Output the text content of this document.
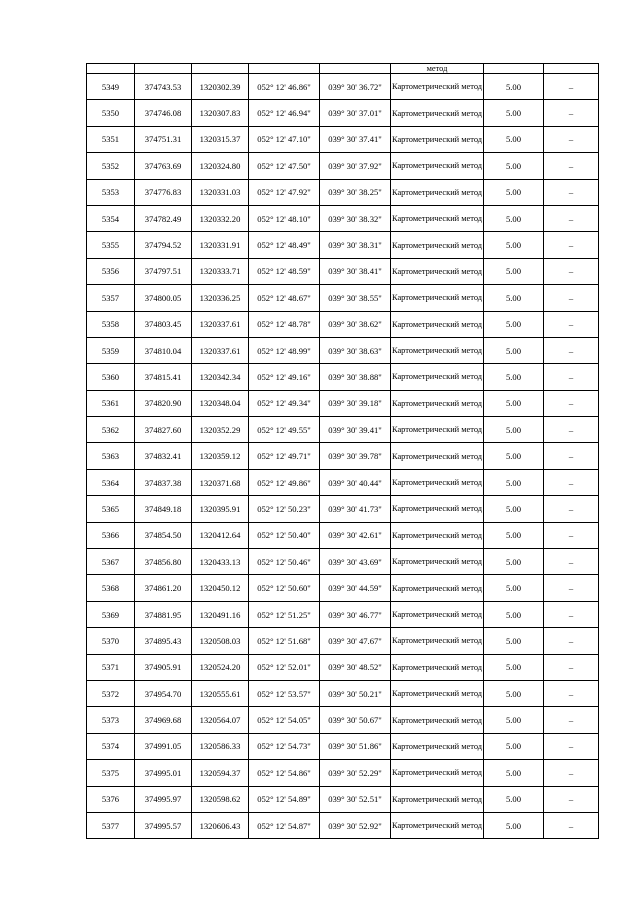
					метод		
5349	374743.53	1320302.39	052° 12' 46.86"	039° 30' 36.72"	Картометрический метод	5.00	–
5350	374746.08	1320307.83	052° 12' 46.94"	039° 30' 37.01"	Картометрический метод	5.00	–
5351	374751.31	1320315.37	052° 12' 47.10"	039° 30' 37.41"	Картометрический метод	5.00	–
5352	374763.69	1320324.80	052° 12' 47.50"	039° 30' 37.92"	Картометрический метод	5.00	–
5353	374776.83	1320331.03	052° 12' 47.92"	039° 30' 38.25"	Картометрический метод	5.00	–
5354	374782.49	1320332.20	052° 12' 48.10"	039° 30' 38.32"	Картометрический метод	5.00	–
5355	374794.52	1320331.91	052° 12' 48.49"	039° 30' 38.31"	Картометрический метод	5.00	–
5356	374797.51	1320333.71	052° 12' 48.59"	039° 30' 38.41"	Картометрический метод	5.00	–
5357	374800.05	1320336.25	052° 12' 48.67"	039° 30' 38.55"	Картометрический метод	5.00	–
5358	374803.45	1320337.61	052° 12' 48.78"	039° 30' 38.62"	Картометрический метод	5.00	–
5359	374810.04	1320337.61	052° 12' 48.99"	039° 30' 38.63"	Картометрический метод	5.00	–
5360	374815.41	1320342.34	052° 12' 49.16"	039° 30' 38.88"	Картометрический метод	5.00	–
5361	374820.90	1320348.04	052° 12' 49.34"	039° 30' 39.18"	Картометрический метод	5.00	–
5362	374827.60	1320352.29	052° 12' 49.55"	039° 30' 39.41"	Картометрический метод	5.00	–
5363	374832.41	1320359.12	052° 12' 49.71"	039° 30' 39.78"	Картометрический метод	5.00	–
5364	374837.38	1320371.68	052° 12' 49.86"	039° 30' 40.44"	Картометрический метод	5.00	–
5365	374849.18	1320395.91	052° 12' 50.23"	039° 30' 41.73"	Картометрический метод	5.00	–
5366	374854.50	1320412.64	052° 12' 50.40"	039° 30' 42.61"	Картометрический метод	5.00	–
5367	374856.80	1320433.13	052° 12' 50.46"	039° 30' 43.69"	Картометрический метод	5.00	–
5368	374861.20	1320450.12	052° 12' 50.60"	039° 30' 44.59"	Картометрический метод	5.00	–
5369	374881.95	1320491.16	052° 12' 51.25"	039° 30' 46.77"	Картометрический метод	5.00	–
5370	374895.43	1320508.03	052° 12' 51.68"	039° 30' 47.67"	Картометрический метод	5.00	–
5371	374905.91	1320524.20	052° 12' 52.01"	039° 30' 48.52"	Картометрический метод	5.00	–
5372	374954.70	1320555.61	052° 12' 53.57"	039° 30' 50.21"	Картометрический метод	5.00	–
5373	374969.68	1320564.07	052° 12' 54.05"	039° 30' 50.67"	Картометрический метод	5.00	–
5374	374991.05	1320586.33	052° 12' 54.73"	039° 30' 51.86"	Картометрический метод	5.00	–
5375	374995.01	1320594.37	052° 12' 54.86"	039° 30' 52.29"	Картометрический метод	5.00	–
5376	374995.97	1320598.62	052° 12' 54.89"	039° 30' 52.51"	Картометрический метод	5.00	–
5377	374995.57	1320606.43	052° 12' 54.87"	039° 30' 52.92"	Картометрический метод	5.00	–
